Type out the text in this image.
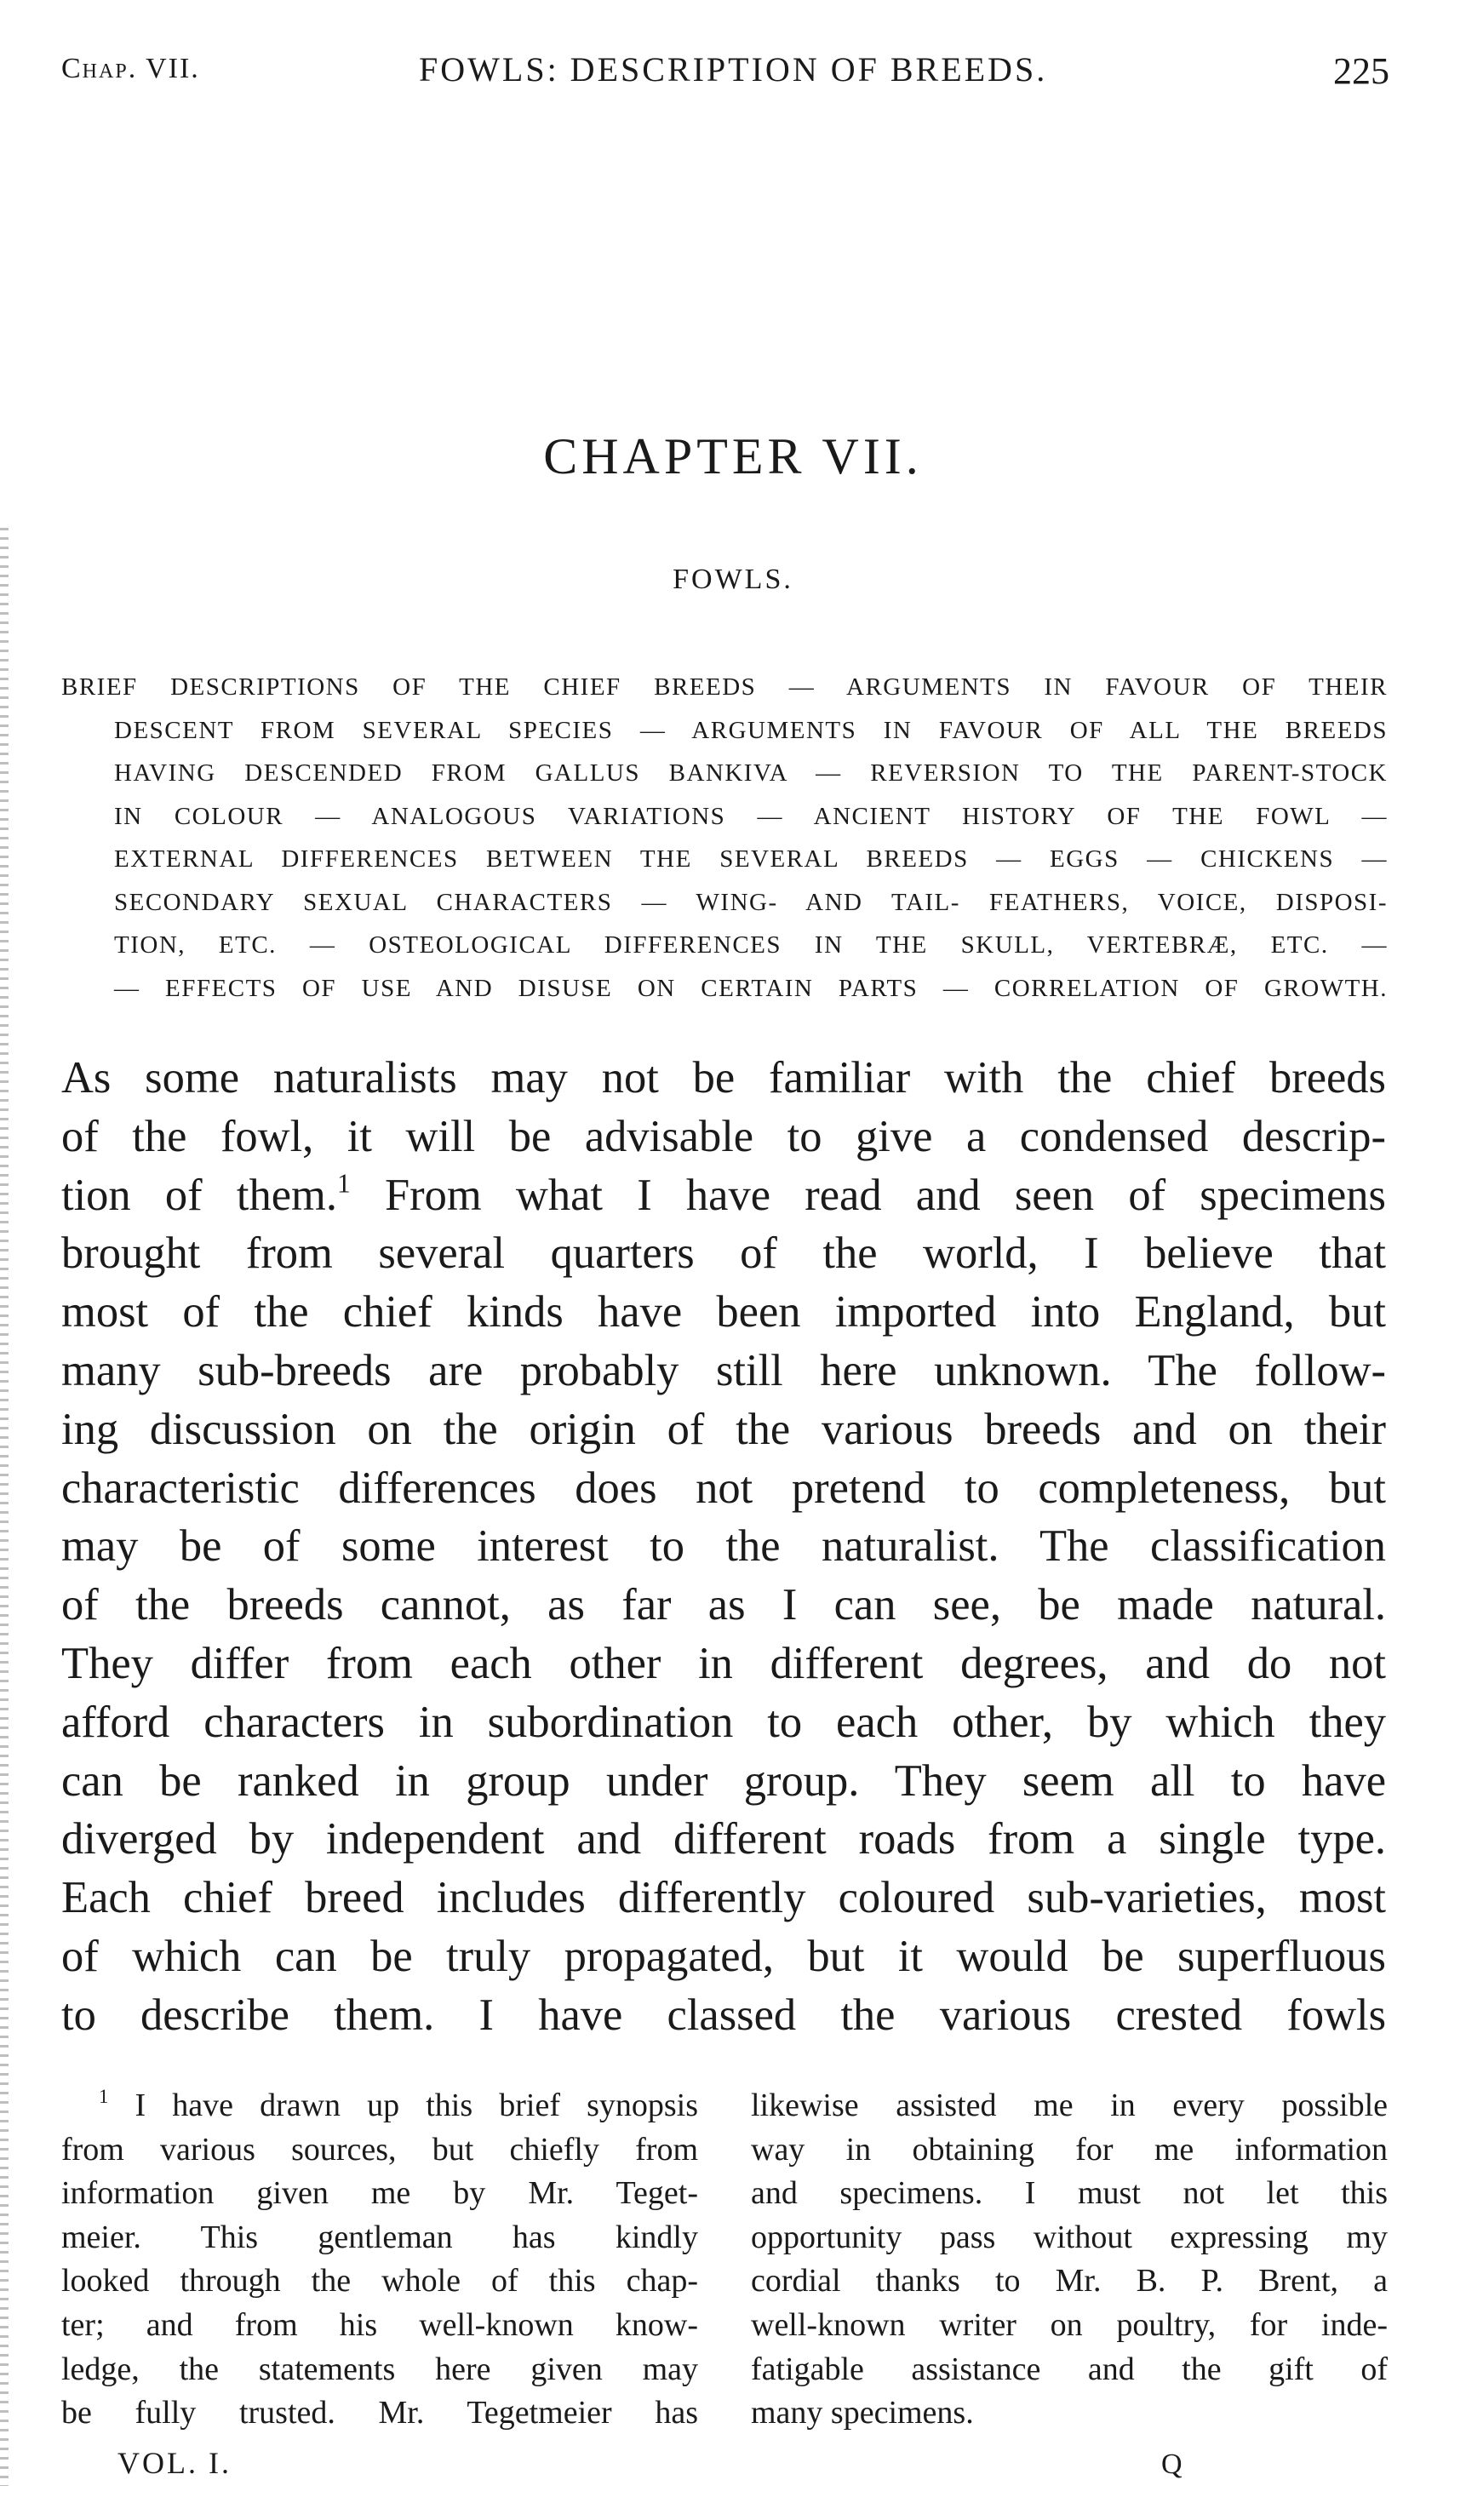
Chap. VII.	FOWLS: DESCRIPTION OF BREEDS.	225
CHAPTER VII.
FOWLS.
BRIEF DESCRIPTIONS OF THE CHIEF BREEDS — ARGUMENTS IN FAVOUR OF THEIR
DESCENT FROM SEVERAL SPECIES — ARGUMENTS IN FAVOUR OF ALL THE BREEDS
HAVING DESCENDED FROM GALLUS BANKIVA — REVERSION TO THE PARENT-STOCK
IN COLOUR — ANALOGOUS VARIATIONS — ANCIENT HISTORY OF THE FOWL —
EXTERNAL DIFFERENCES BETWEEN THE SEVERAL BREEDS — EGGS — CHICKENS —
SECONDARY SEXUAL CHARACTERS — WING- AND TAIL- FEATHERS, VOICE, DISPOSI-
TION, ETC. — OSTEOLOGICAL DIFFERENCES IN THE SKULL, VERTEBRÆ, ETC. —
— EFFECTS OF USE AND DISUSE ON CERTAIN PARTS — CORRELATION OF GROWTH.
As some naturalists may not be familiar with the chief breeds
of the fowl, it will be advisable to give a condensed descrip-
tion of them.$^1$ From what I have read and seen of specimens
brought from several quarters of the world, I believe that
most of the chief kinds have been imported into England, but
many sub-breeds are probably still here unknown. The follow-
ing discussion on the origin of the various breeds and on their
characteristic differences does not pretend to completeness, but
may be of some interest to the naturalist. The classification
of the breeds cannot, as far as I can see, be made natural.
They differ from each other in different degrees, and do not
afford characters in subordination to each other, by which they
can be ranked in group under group. They seem all to have
diverged by independent and different roads from a single type.
Each chief breed includes differently coloured sub-varieties, most
of which can be truly propagated, but it would be superfluous
to describe them. I have classed the various crested fowls
$^1$ I have drawn up this brief synopsis
from various sources, but chiefly from
information given me by Mr. Teget-
meier. This gentleman has kindly
looked through the whole of this chap-
ter; and from his well-known know-
ledge, the statements here given may
be fully trusted. Mr. Tegetmeier has
likewise assisted me in every possible
way in obtaining for me information
and specimens. I must not let this
opportunity pass without expressing my
cordial thanks to Mr. B. P. Brent, a
well-known writer on poultry, for inde-
fatigable assistance and the gift of
many specimens.
VOL. I.	Q
